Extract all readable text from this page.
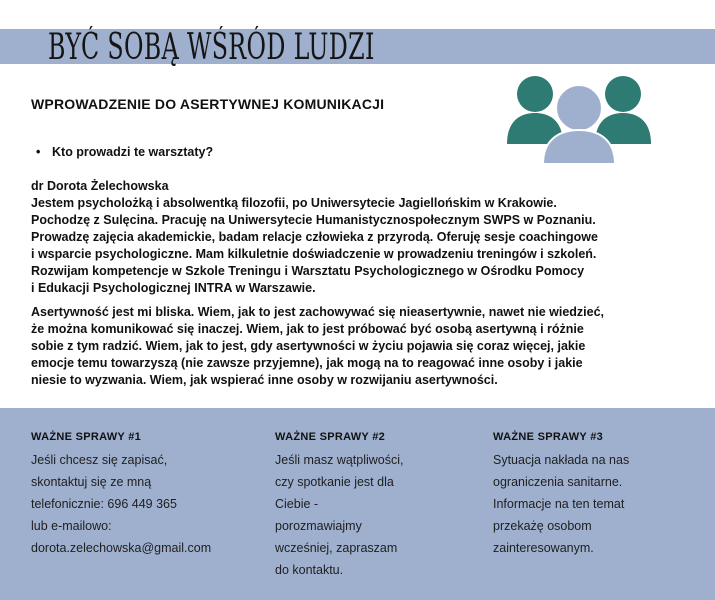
BYĆ SOBĄ WŚRÓD LUDZI
WPROWADZENIE DO ASERTYWNEJ KOMUNIKACJI
• Kto prowadzi te warsztaty?
dr Dorota Żelechowska
Jestem psycholożką i absolwentką filozofii, po Uniwersytecie Jagiellońskim w Krakowie.
Pochodzę z Sulęcina. Pracuję na Uniwersytecie Humanistycznospołecznym SWPS w Poznaniu.
Prowadzę zajęcia akademickie, badam relacje człowieka z przyrodą. Oferuję sesje coachingowe
i wsparcie psychologiczne. Mam kilkuletnie doświadczenie w prowadzeniu treningów i szkoleń.
Rozwijam kompetencje w Szkole Treningu i Warsztatu Psychologicznego w Ośrodku Pomocy
i Edukacji Psychologicznej INTRA w Warszawie.
Asertywność jest mi bliska. Wiem, jak to jest zachowywać się nieasertywnie, nawet nie wiedzieć,
że można komunikować się inaczej. Wiem, jak to jest próbować być osobą asertywną i różnie
sobie z tym radzić. Wiem, jak to jest, gdy asertywności w życiu pojawia się coraz więcej, jakie
emocje temu towarzyszą (nie zawsze przyjemne), jak mogą na to reagować inne osoby i jakie
niesie to wyzwania. Wiem, jak wspierać inne osoby w rozwijaniu asertywności.
WAŻNE SPRAWY #1
Jeśli chcesz się zapisać,
skontaktuj się ze mną
telefonicznie: 696 449 365
lub e-mailowo:
dorota.zelechowska@gmail.com
WAŻNE SPRAWY #2
Jeśli masz wątpliwości,
czy spotkanie jest dla
Ciebie -
porozmawiajmy
wcześniej, zapraszam
do kontaktu.
WAŻNE SPRAWY #3
Sytuacja nakłada na nas
ograniczenia sanitarne.
Informacje na ten temat
przekażę osobom
zainteresowanym.
